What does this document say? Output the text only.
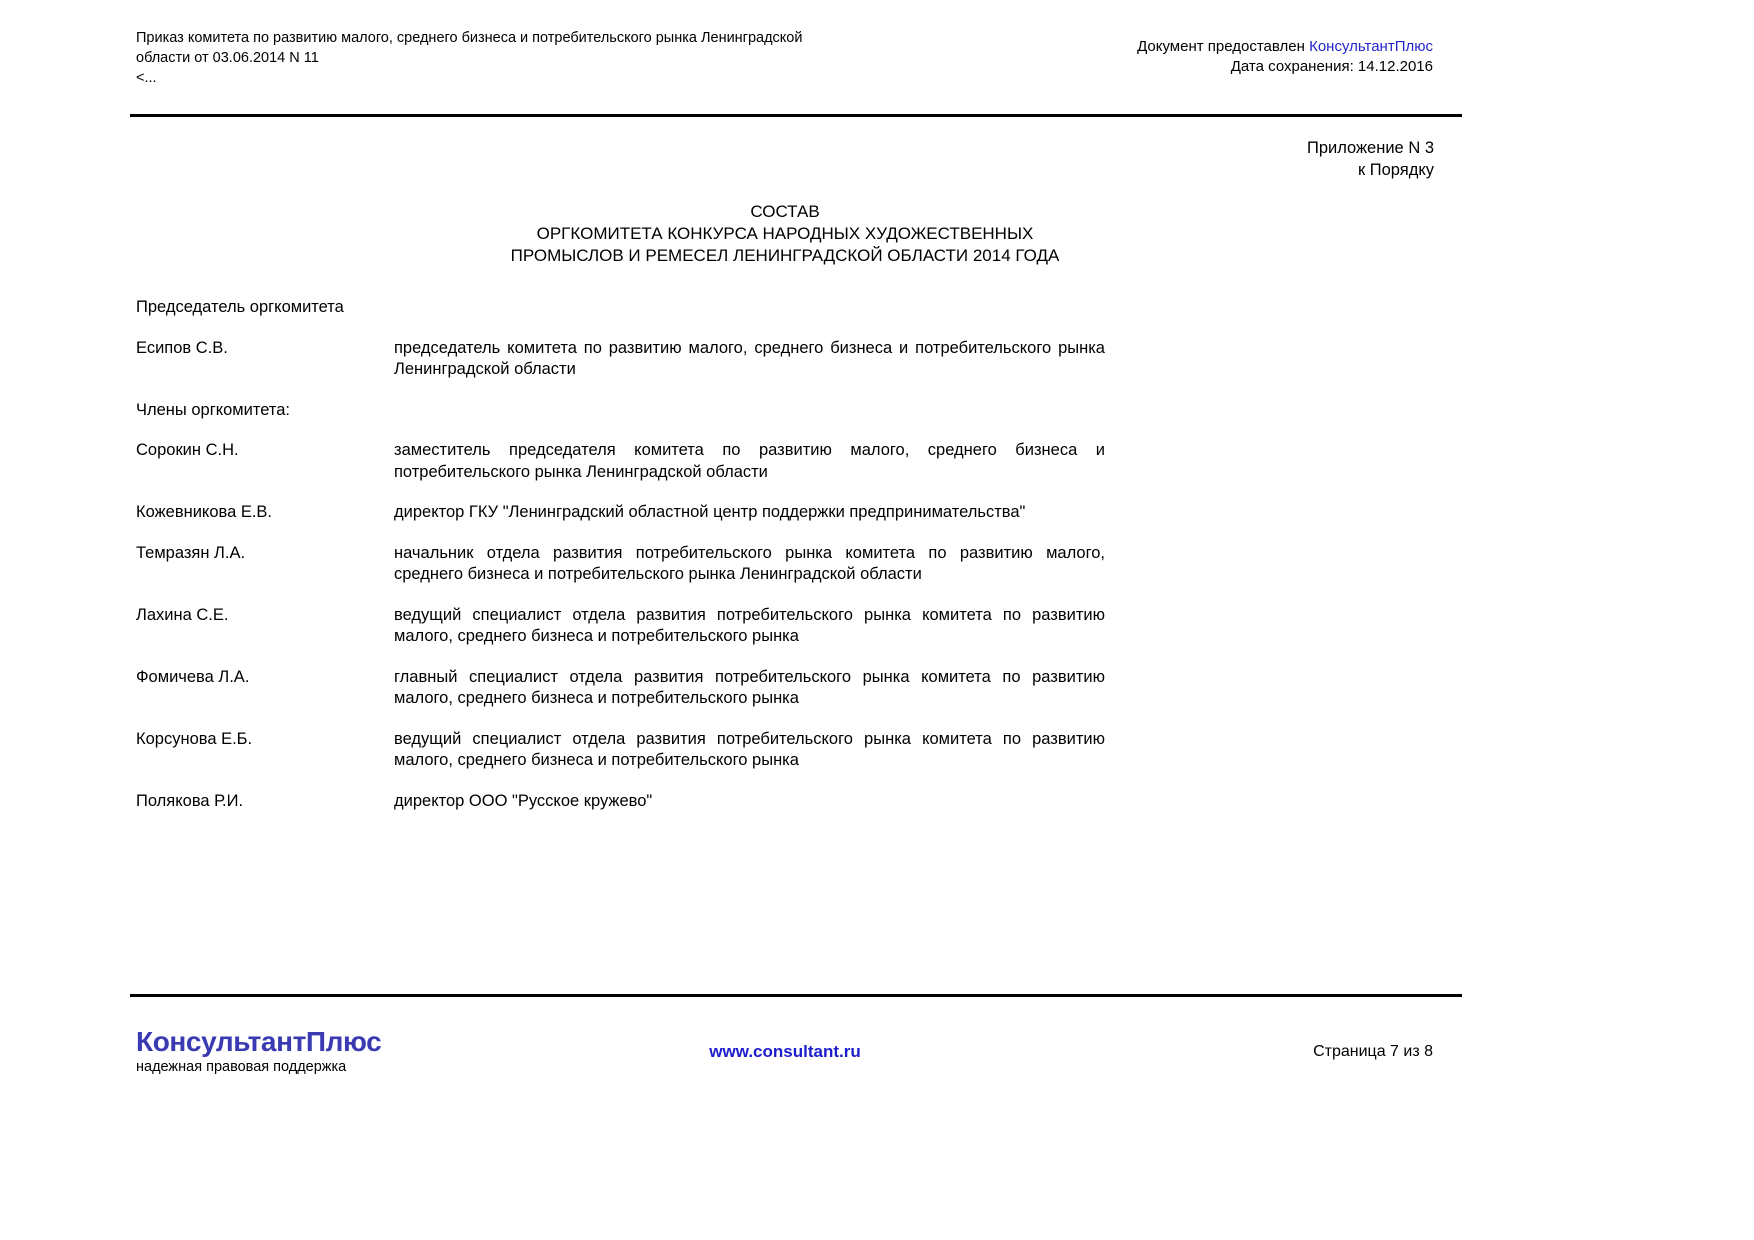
Приказ комитета по развитию малого, среднего бизнеса и потребительского рынка Ленинградской
области от 03.06.2014 N 11
<...
Документ предоставлен КонсультантПлюс
Дата сохранения: 14.12.2016
Приложение N 3
к Порядку
СОСТАВ
ОРГКОМИТЕТА КОНКУРСА НАРОДНЫХ ХУДОЖЕСТВЕННЫХ
ПРОМЫСЛОВ И РЕМЕСЕЛ ЛЕНИНГРАДСКОЙ ОБЛАСТИ 2014 ГОДА
Председатель оргкомитета
Есипов С.В.	председатель комитета по развитию малого, среднего бизнеса и потребительского рынка Ленинградской области
Члены оргкомитета:
Сорокин С.Н.	заместитель председателя комитета по развитию малого, среднего бизнеса и потребительского рынка Ленинградской области
Кожевникова Е.В.	директор ГКУ "Ленинградский областной центр поддержки предпринимательства"
Темразян Л.А.	начальник отдела развития потребительского рынка комитета по развитию малого, среднего бизнеса и потребительского рынка Ленинградской области
Лахина С.Е.	ведущий специалист отдела развития потребительского рынка комитета по развитию малого, среднего бизнеса и потребительского рынка
Фомичева Л.А.	главный специалист отдела развития потребительского рынка комитета по развитию малого, среднего бизнеса и потребительского рынка
Корсунова Е.Б.	ведущий специалист отдела развития потребительского рынка комитета по развитию малого, среднего бизнеса и потребительского рынка
Полякова Р.И.	директор ООО "Русское кружево"
КонсультантПлюс
надежная правовая поддержка
www.consultant.ru	Страница 7 из 8
